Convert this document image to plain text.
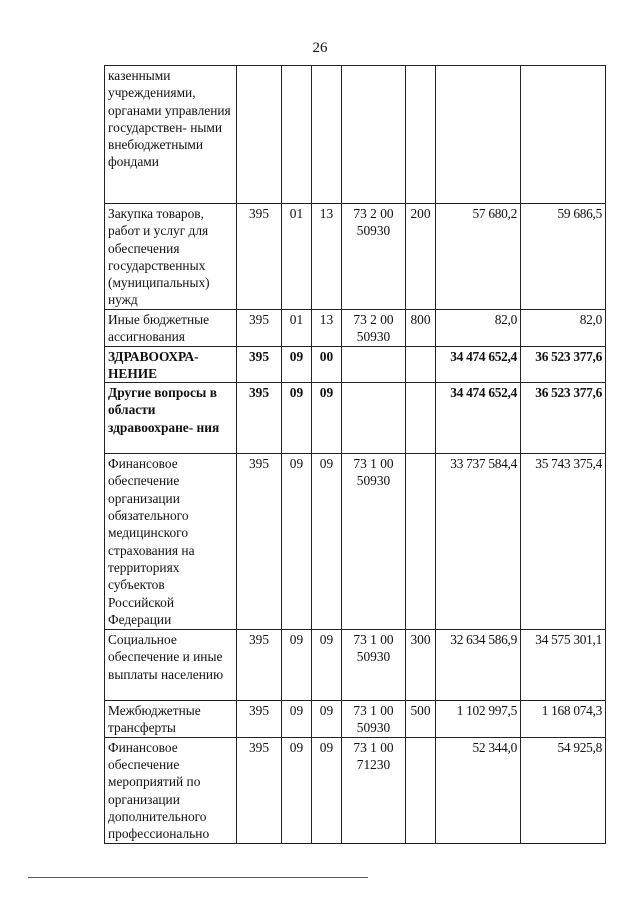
26
казенными учреждениями, органами управления государствен- ными внебюджетными фондами							
Закупка товаров, работ и услуг для обеспечения государственных (муниципальных) нужд	395	01	13	73 2 00 50930	200	57 680,2	59 686,5
Иные бюджетные ассигнования	395	01	13	73 2 00 50930	800	82,0	82,0
ЗДРАВООХРА- НЕНИЕ	395	09	00			34 474 652,4	36 523 377,6
Другие вопросы в области здравоохране- ния	395	09	09			34 474 652,4	36 523 377,6
Финансовое обеспечение организации обязательного медицинского страхования на территориях субъектов Российской Федерации	395	09	09	73 1 00 50930		33 737 584,4	35 743 375,4
Социальное обеспечение и иные выплаты населению	395	09	09	73 1 00 50930	300	32 634 586,9	34 575 301,1
Межбюджетные трансферты	395	09	09	73 1 00 50930	500	1 102 997,5	1 168 074,3
Финансовое обеспечение мероприятий по организации дополнительного профессионально	395	09	09	73 1 00 71230		52 344,0	54 925,8
